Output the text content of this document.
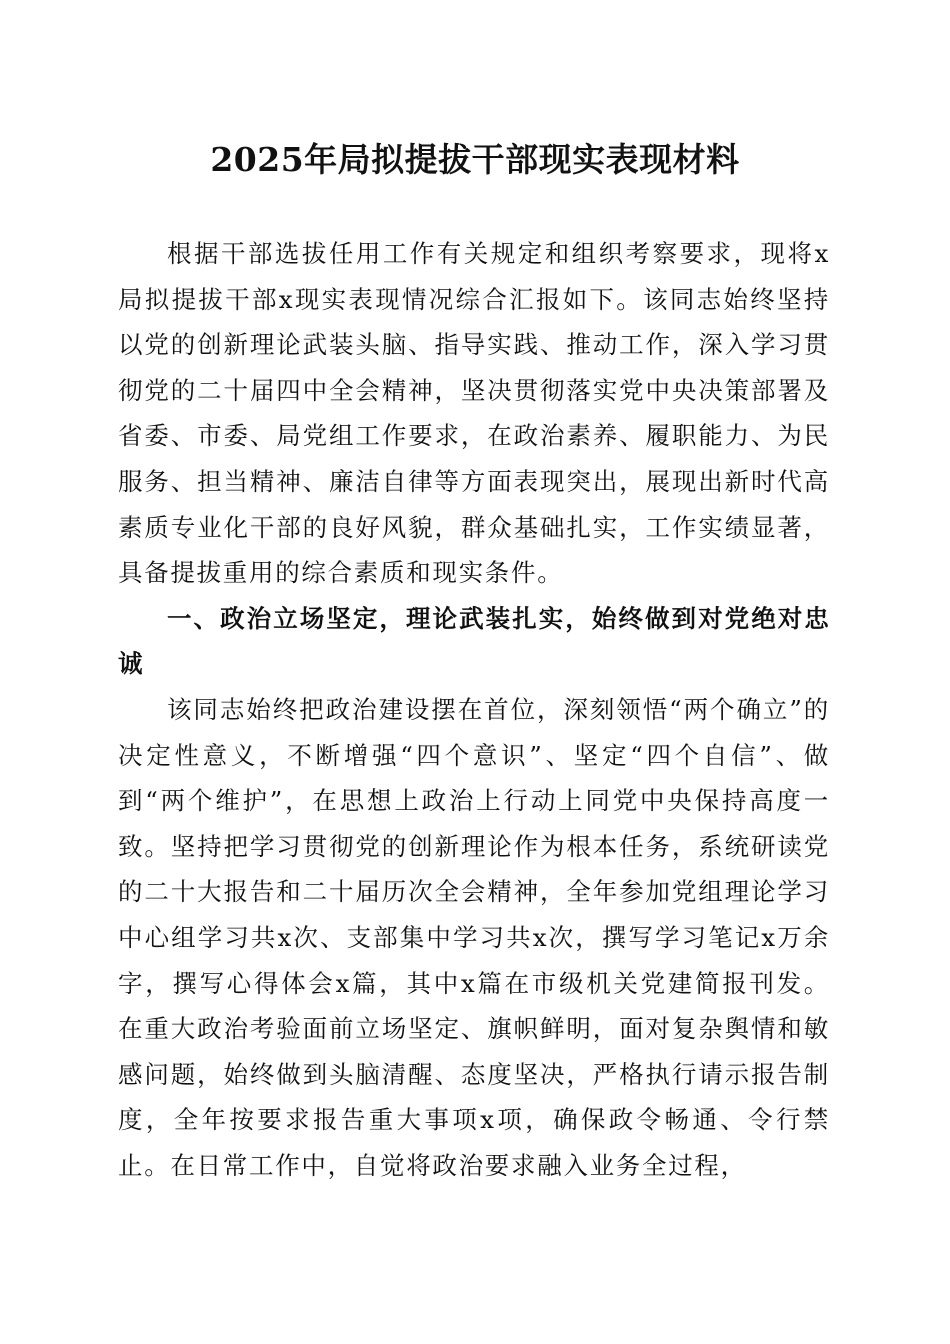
2025年局拟提拔干部现实表现材料

根据干部选拔任用工作有关规定和组织考察要求，现将x局拟提拔干部x现实表现情况综合汇报如下。该同志始终坚持以党的创新理论武装头脑、指导实践、推动工作，深入学习贯彻党的二十届四中全会精神，坚决贯彻落实党中央决策部署及省委、市委、局党组工作要求，在政治素养、履职能力、为民服务、担当精神、廉洁自律等方面表现突出，展现出新时代高素质专业化干部的良好风貌，群众基础扎实，工作实绩显著，具备提拔重用的综合素质和现实条件。

一、政治立场坚定，理论武装扎实，始终做到对党绝对忠诚

该同志始终把政治建设摆在首位，深刻领悟“两个确立”的决定性意义，不断增强“四个意识”、坚定“四个自信”、做到“两个维护”，在思想上政治上行动上同党中央保持高度一致。坚持把学习贯彻党的创新理论作为根本任务，系统研读党的二十大报告和二十届历次全会精神，全年参加党组理论学习中心组学习共x次、支部集中学习共x次，撰写学习笔记x万余字，撰写心得体会x篇，其中x篇在市级机关党建简报刊发。在重大政治考验面前立场坚定、旗帜鲜明，面对复杂舆情和敏感问题，始终做到头脑清醒、态度坚决，严格执行请示报告制度，全年按要求报告重大事项x项，确保政令畅通、令行禁止。在日常工作中，自觉将政治要求融入业务全过程，
